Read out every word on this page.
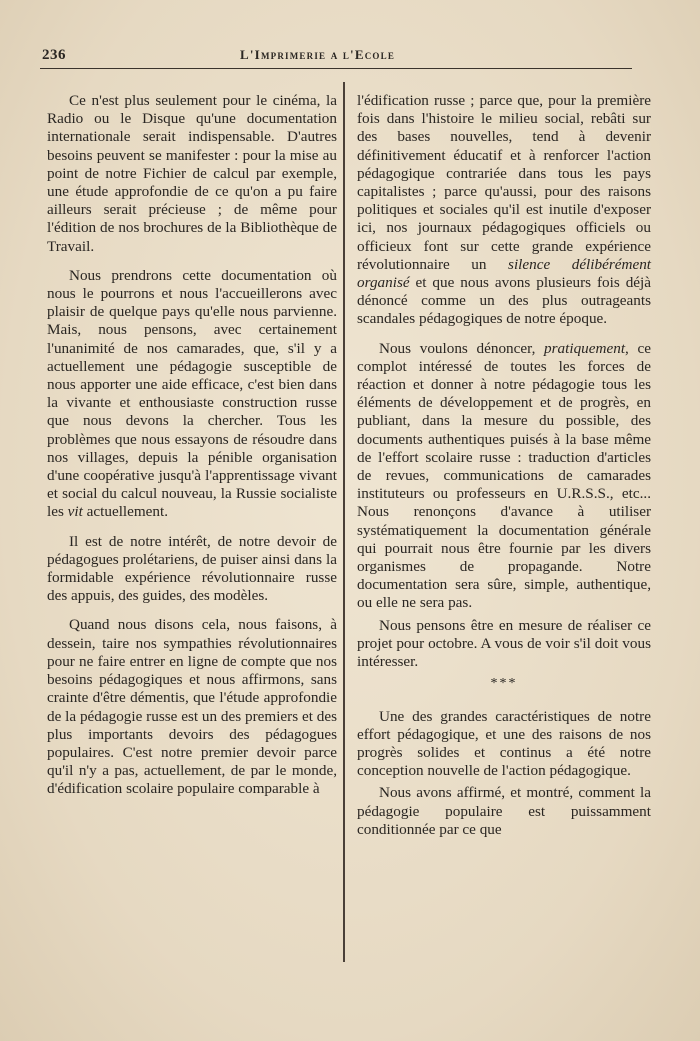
236	L'Imprimerie a l'Ecole

Ce n'est plus seulement pour le cinéma, la Radio ou le Disque qu'une documentation internationale serait indispensable. D'autres besoins peuvent se manifester : pour la mise au point de notre Fichier de calcul par exemple, une étude approfondie de ce qu'on a pu faire ailleurs serait précieuse ; de même pour l'édition de nos brochures de la Bibliothèque de Travail.

Nous prendrons cette documentation où nous le pourrons et nous l'accueillerons avec plaisir de quelque pays qu'elle nous parvienne. Mais, nous pensons, avec certainement l'unanimité de nos camarades, que, s'il y a actuellement une pédagogie susceptible de nous apporter une aide efficace, c'est bien dans la vivante et enthousiaste construction russe que nous devons la chercher. Tous les problèmes que nous essayons de résoudre dans nos villages, depuis la pénible organisation d'une coopérative jusqu'à l'apprentissage vivant et social du calcul nouveau, la Russie socialiste les vit actuellement.

Il est de notre intérêt, de notre devoir de pédagogues prolétariens, de puiser ainsi dans la formidable expérience révolutionnaire russe des appuis, des guides, des modèles.

Quand nous disons cela, nous faisons, à dessein, taire nos sympathies révolutionnaires pour ne faire entrer en ligne de compte que nos besoins pédagogiques et nous affirmons, sans crainte d'être démentis, que l'étude approfondie de la pédagogie russe est un des premiers et des plus importants devoirs des pédagogues populaires. C'est notre premier devoir parce qu'il n'y a pas, actuellement, de par le monde, d'édification scolaire populaire comparable à

l'édification russe ; parce que, pour la première fois dans l'histoire le milieu social, rebâti sur des bases nouvelles, tend à devenir définitivement éducatif et à renforcer l'action pédagogique contrariée dans tous les pays capitalistes ; parce qu'aussi, pour des raisons politiques et sociales qu'il est inutile d'exposer ici, nos journaux pédagogiques officiels ou officieux font sur cette grande expérience révolutionnaire un silence délibérément organisé et que nous avons plusieurs fois déjà dénoncé comme un des plus outrageants scandales pédagogiques de notre époque.

Nous voulons dénoncer, pratiquement, ce complot intéressé de toutes les forces de réaction et donner à notre pédagogie tous les éléments de développement et de progrès, en publiant, dans la mesure du possible, des documents authentiques puisés à la base même de l'effort scolaire russe : traduction d'articles de revues, communications de camarades instituteurs ou professeurs en U.R.S.S., etc... Nous renonçons d'avance à utiliser systématiquement la documentation générale qui pourrait nous être fournie par les divers organismes de propagande. Notre documentation sera sûre, simple, authentique, ou elle ne sera pas.

Nous pensons être en mesure de réaliser ce projet pour octobre. A vous de voir s'il doit vous intéresser.

***

Une des grandes caractéristiques de notre effort pédagogique, et une des raisons de nos progrès solides et continus a été notre conception nouvelle de l'action pédagogique.

Nous avons affirmé, et montré, comment la pédagogie populaire est puissamment conditionnée par ce que
